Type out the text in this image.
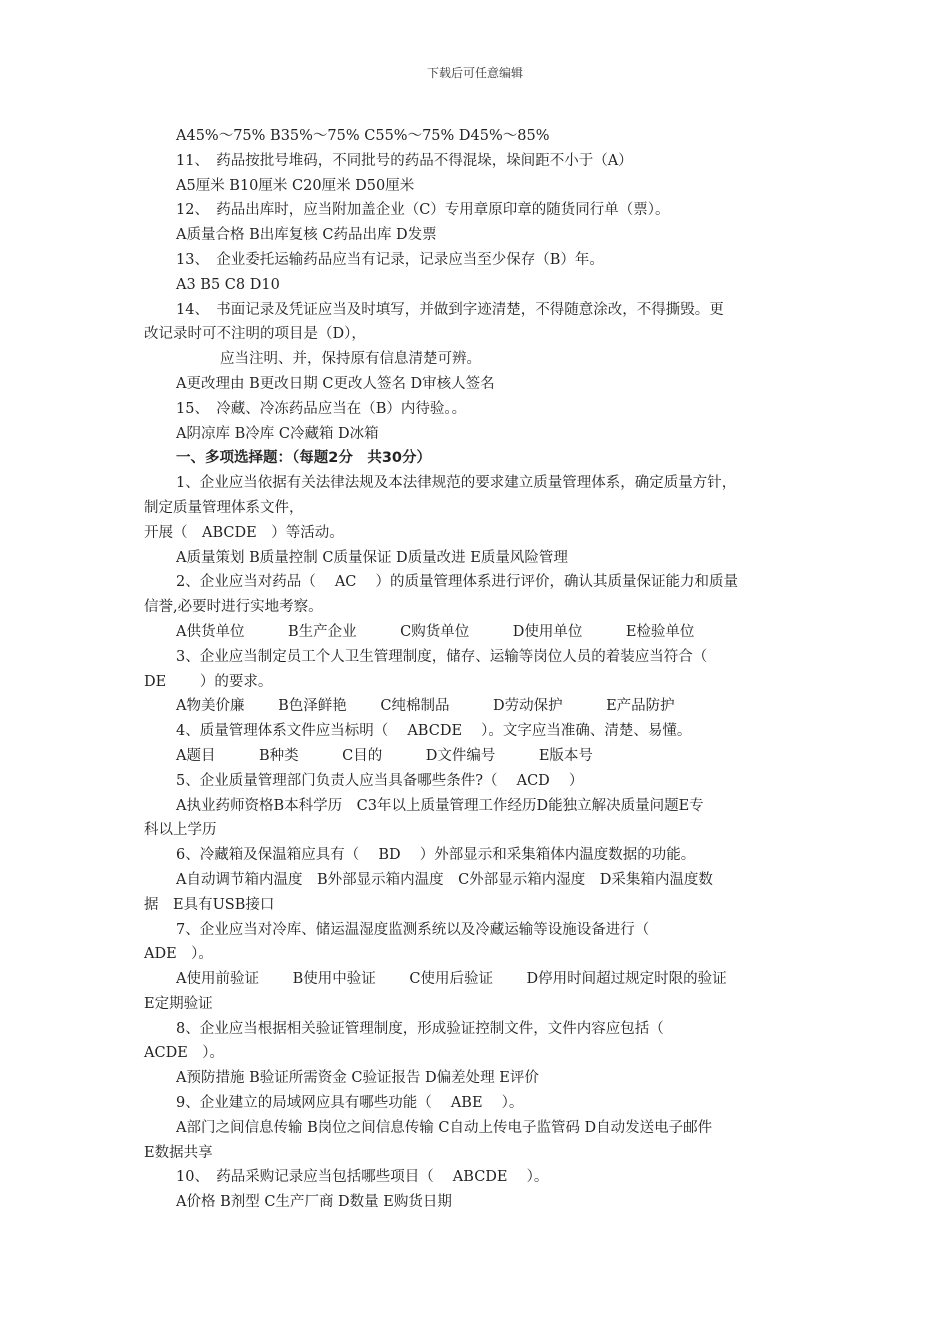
下载后可任意编辑
A45%～75% B35%～75% C55%～75% D45%～85%
11、　药品按批号堆码，不同批号的药品不得混垛，垛间距不小于（A）
A5厘米 B10厘米 C20厘米 D50厘米
12、　药品出库时，应当附加盖企业（C）专用章原印章的随货同行单（票）。
A质量合格 B出库复核 C药品出库 D发票
13、　企业委托运输药品应当有记录，记录应当至少保存（B）年。
A3 B5 C8 D10
14、　书面记录及凭证应当及时填写，并做到字迹清楚，不得随意涂改，不得撕毁。更
改记录时可不注明的项目是（D），
应当注明、并，保持原有信息清楚可辨。
A更改理由 B更改日期 C更改人签名 D审核人签名
15、　冷藏、冷冻药品应当在（B）内待验。。
A阴凉库 B冷库 C冷藏箱 D冰箱
一、多项选择题：（每题2分　共30分）
1、企业应当依据有关法律法规及本法律规范的要求建立质量管理体系，确定质量方针，
制定质量管理体系文件，
开展（　ABCDE　）等活动。
A质量策划 B质量控制 C质量保证 D质量改进 E质量风险管理
2、企业应当对药品（　 AC　 ）的质量管理体系进行评价，确认其质量保证能力和质量
信誉,必要时进行实地考察。
A供货单位　　　B生产企业　　　C购货单位　　　D使用单位　　　E检验单位
3、企业应当制定员工个人卫生管理制度，储存、运输等岗位人员的着装应当符合（
DE　　 ）的要求。
A物美价廉　　 B色泽鲜艳　　 C纯棉制品　　　D劳动保护　　　E产品防护
4、质量管理体系文件应当标明（　 ABCDE　 ）。文字应当准确、清楚、易懂。
A题目　　　B种类　　　C目的　　　D文件编号　　　E版本号
5、企业质量管理部门负责人应当具备哪些条件?（　 ACD　 ）
A执业药师资格B本科学历　C3年以上质量管理工作经历D能独立解决质量问题E专
科以上学历
6、冷藏箱及保温箱应具有（　 BD　 ）外部显示和采集箱体内温度数据的功能。
A自动调节箱内温度　B外部显示箱内温度　C外部显示箱内湿度　D采集箱内温度数
据　E具有USB接口
7、企业应当对冷库、储运温湿度监测系统以及冷藏运输等设施设备进行（
ADE　）。
A使用前验证　　 B使用中验证　　 C使用后验证　　 D停用时间超过规定时限的验证
E定期验证
8、企业应当根据相关验证管理制度，形成验证控制文件，文件内容应包括（
ACDE　）。
A预防措施 B验证所需资金 C验证报告 D偏差处理 E评价
9、企业建立的局域网应具有哪些功能（　 ABE　 ）。
A部门之间信息传输 B岗位之间信息传输 C自动上传电子监管码 D自动发送电子邮件
E数据共享
10、　药品采购记录应当包括哪些项目（　 ABCDE　 ）。
A价格 B剂型 C生产厂商 D数量 E购货日期
